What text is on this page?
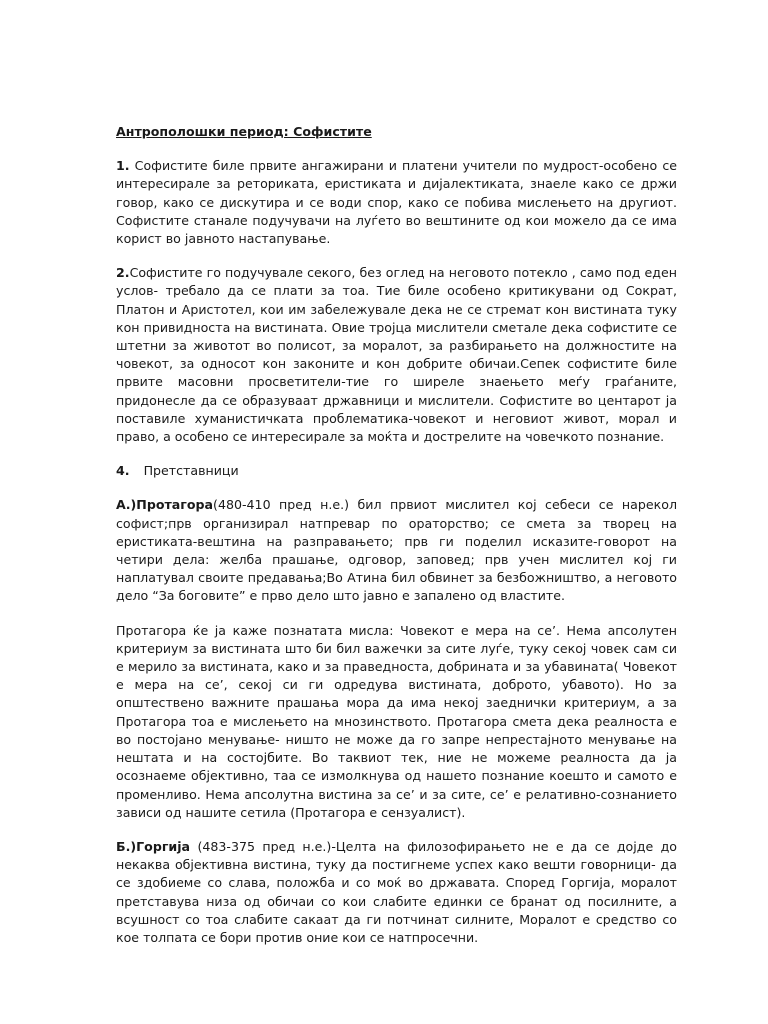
Антрополошки период: Софистите

1. Софистите биле првите ангажирани и платени учители по мудрост-особено се интересирале за реториката, еристиката и дијалектиката, знаеле како се држи говор, како се дискутира и се води спор, како се побива мислењето на другиот. Софистите станале подучувачи на луѓето во вештините од кои можело да се има корист во јавното настапување.

2.Софистите го подучувале секого, без оглед на неговото потекло , само под еден услов- требало да се плати за тоа. Тие биле особено критикувани од Сократ, Платон и Аристотел, кои им забележувале дека не се стремат кон вистината туку кон привидноста на вистината. Овие тројца мислители сметале дека софистите се штетни за животот во полисот, за моралот, за разбирањето на должностите на човекот, за односот кон законите и кон добрите обичаи.Сепек софистите биле првите масовни просветители-тие го ширеле знаењето меѓу граѓаните, придонесле да се образуваат државници и мислители. Софистите во центарот ја поставиле хуманистичката проблематика-човекот и неговиот живот, морал и право, а особено се интересирале за моќта и дострелите на човечкото познание.

4. Претставници

А.)Протагора(480-410 пред н.е.) бил првиот мислител кој себеси се нарекол софист;прв организирал натпревар по ораторство; се смета за творец на еристиката-вештина на разправањето; прв ги поделил исказите-говорот на четири дела: желба прашање, одговор, заповед; прв учен мислител кој ги наплатувал своите предавања;Во Атина бил обвинет за безбожништво, а неговото дело “За боговите” е прво дело што јавно е запалено од властите.

Протагора ќе ја каже познатата мисла: Човекот е мера на се’. Нема апсолутен критериум за вистината што би бил важечки за сите луѓе, туку секој човек сам си е мерило за вистината, како и за праведноста, добрината и за убавината( Човекот е мера на се’, секој си ги одредува вистината, доброто, убавото). Но за општествено важните прашања мора да има некој заеднички критериум, а за Протагора тоа е мислењето на мнозинството. Протагора смета дека реалноста е во постојано менување- ништо не може да го запре непрестајното менување на нештата и на состојбите. Во таквиот тек, ние не можеме реалноста да ја осознаеме објективно, таа се измолкнува од нашето познание коешто и самото е променливо. Нема апсолутна вистина за се’ и за сите, се’ е релативно-сознанието зависи од нашите сетила (Протагора е сензуалист).

Б.)Горгија (483-375 пред н.е.)-Целта на филозофирањето не е да се дојде до некаква објективна вистина, туку да постигнеме успех како вешти говорници- да се здобиеме со слава, положба и со моќ во државата. Според Горгија, моралот претставува низа од обичаи со кои слабите единки се бранат од посилните, а всушност со тоа слабите сакаат да ги потчинат силните, Моралот е средство со кое толпата се бори против оние кои се натпросечни.
